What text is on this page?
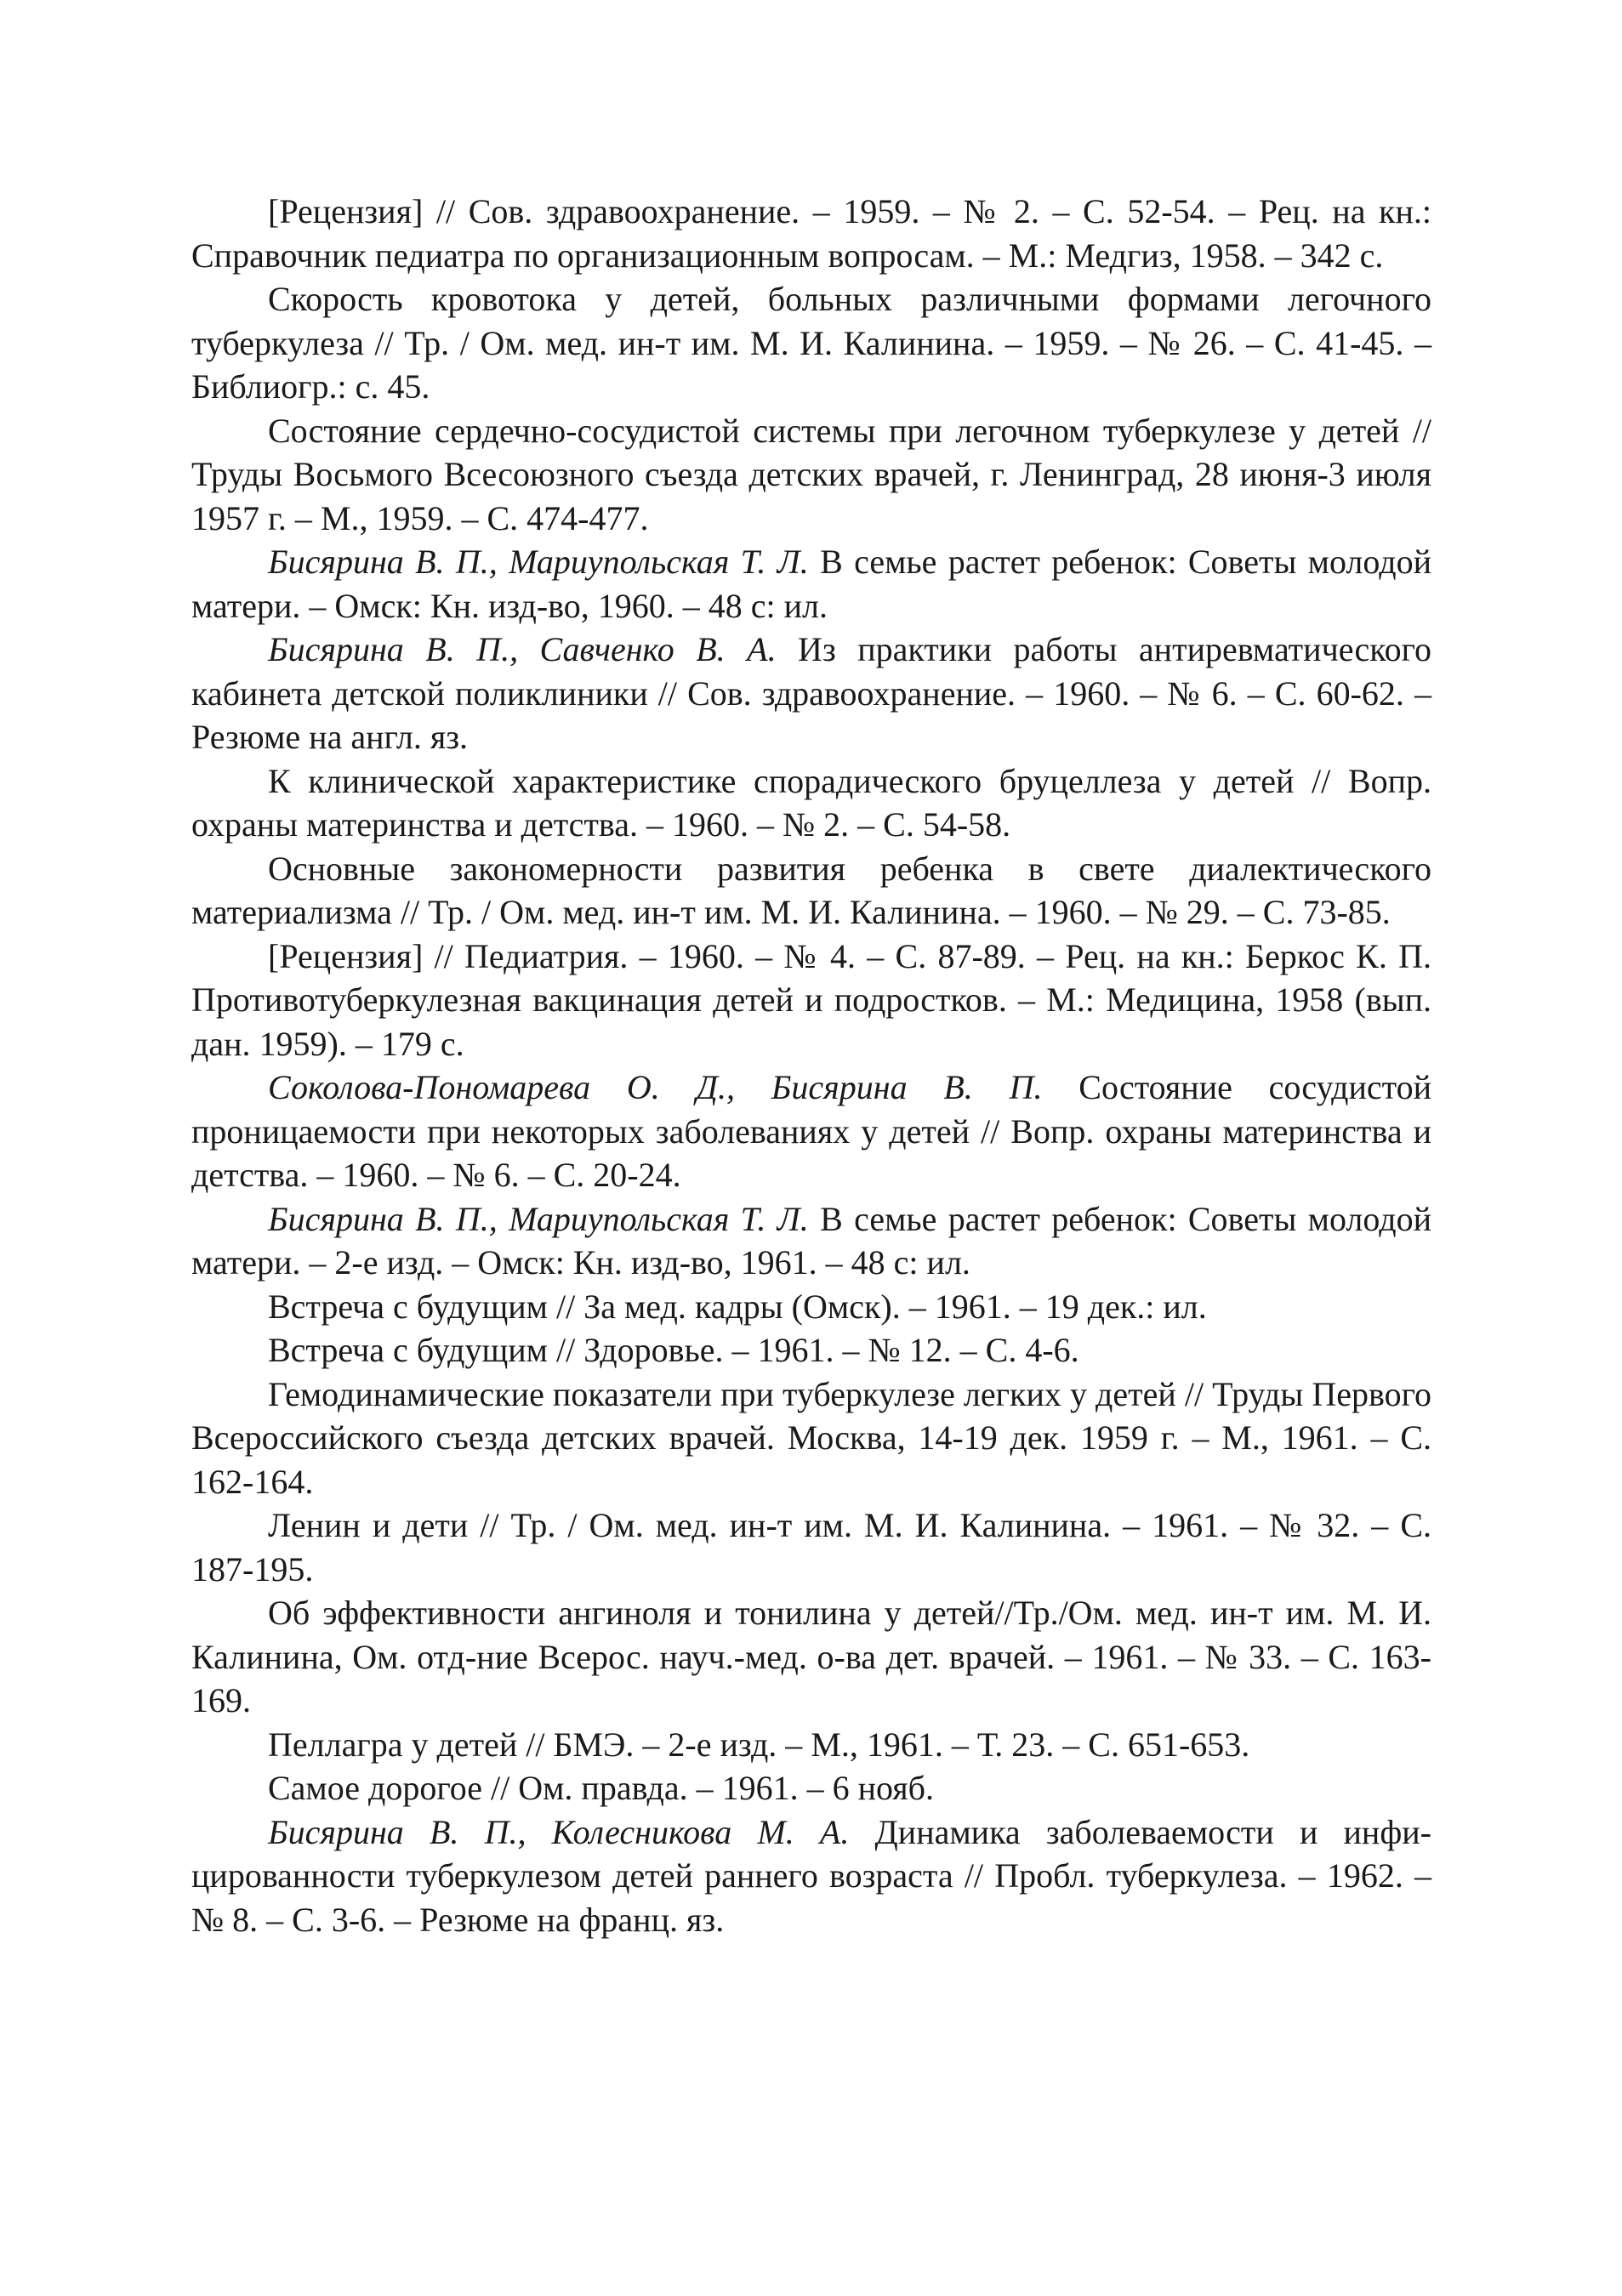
[Рецензия] // Сов. здравоохранение. – 1959. – № 2. – С. 52-54. – Рец. на кн.: Справочник педиатра по организационным вопросам. – М.: Медгиз, 1958. – 342 с.

Скорость кровотока у детей, больных различными формами легочного туберкулеза // Тр. / Ом. мед. ин-т им. М. И. Калинина. – 1959. – № 26. – С. 41-45. – Библиогр.: с. 45.

Состояние сердечно-сосудистой системы при легочном туберкулезе у детей // Труды Восьмого Всесоюзного съезда детских врачей, г. Ленинград, 28 июня-3 июля 1957 г. – М., 1959. – С. 474-477.

Бисярина В. П., Мариупольская Т. Л. В семье растет ребенок: Советы молодой матери. – Омск: Кн. изд-во, 1960. – 48 с: ил.

Бисярина В. П., Савченко В. А. Из практики работы антиревматического кабинета детской поликлиники // Сов. здравоохранение. – 1960. – № 6. – С. 60-62. – Резюме на англ. яз.

К клинической характеристике спорадического бруцеллеза у детей // Вопр. охраны материнства и детства. – 1960. – № 2. – С. 54-58.

Основные закономерности развития ребенка в свете диалектического материализма // Тр. / Ом. мед. ин-т им. М. И. Калинина. – 1960. – № 29. – С. 73-85.

[Рецензия] // Педиатрия. – 1960. – № 4. – С. 87-89. – Рец. на кн.: Беркос К. П. Противотуберкулезная вакцинация детей и подростков. – М.: Медицина, 1958 (вып. дан. 1959). – 179 с.

Соколова-Пономарева О. Д., Бисярина В. П. Состояние сосудистой проницаемости при некоторых заболеваниях у детей // Вопр. охраны материнства и детства. – 1960. – № 6. – С. 20-24.

Бисярина В. П., Мариупольская Т. Л. В семье растет ребенок: Советы молодой матери. – 2-е изд. – Омск: Кн. изд-во, 1961. – 48 с: ил.

Встреча с будущим // За мед. кадры (Омск). – 1961. – 19 дек.: ил.

Встреча с будущим // Здоровье. – 1961. – № 12. – С. 4-6.

Гемодинамические показатели при туберкулезе легких у детей // Труды Первого Всероссийского съезда детских врачей. Москва, 14-19 дек. 1959 г. – М., 1961. – С. 162-164.

Ленин и дети // Тр. / Ом. мед. ин-т им. М. И. Калинина. – 1961. – № 32. – С. 187-195.

Об эффективности ангиноля и тонилина у детей//Тр./Ом. мед. ин-т им. М. И. Калинина, Ом. отд-ние Всерос. науч.-мед. о-ва дет. врачей. – 1961. – № 33. – С. 163-169.

Пеллагра у детей // БМЭ. – 2-е изд. – М., 1961. – Т. 23. – С. 651-653.

Самое дорогое // Ом. правда. – 1961. – 6 нояб.

Бисярина В. П., Колесникова М. А. Динамика заболеваемости и инфицированности туберкулезом детей раннего возраста // Пробл. туберкулеза. – 1962. – № 8. – С. 3-6. – Резюме на франц. яз.
